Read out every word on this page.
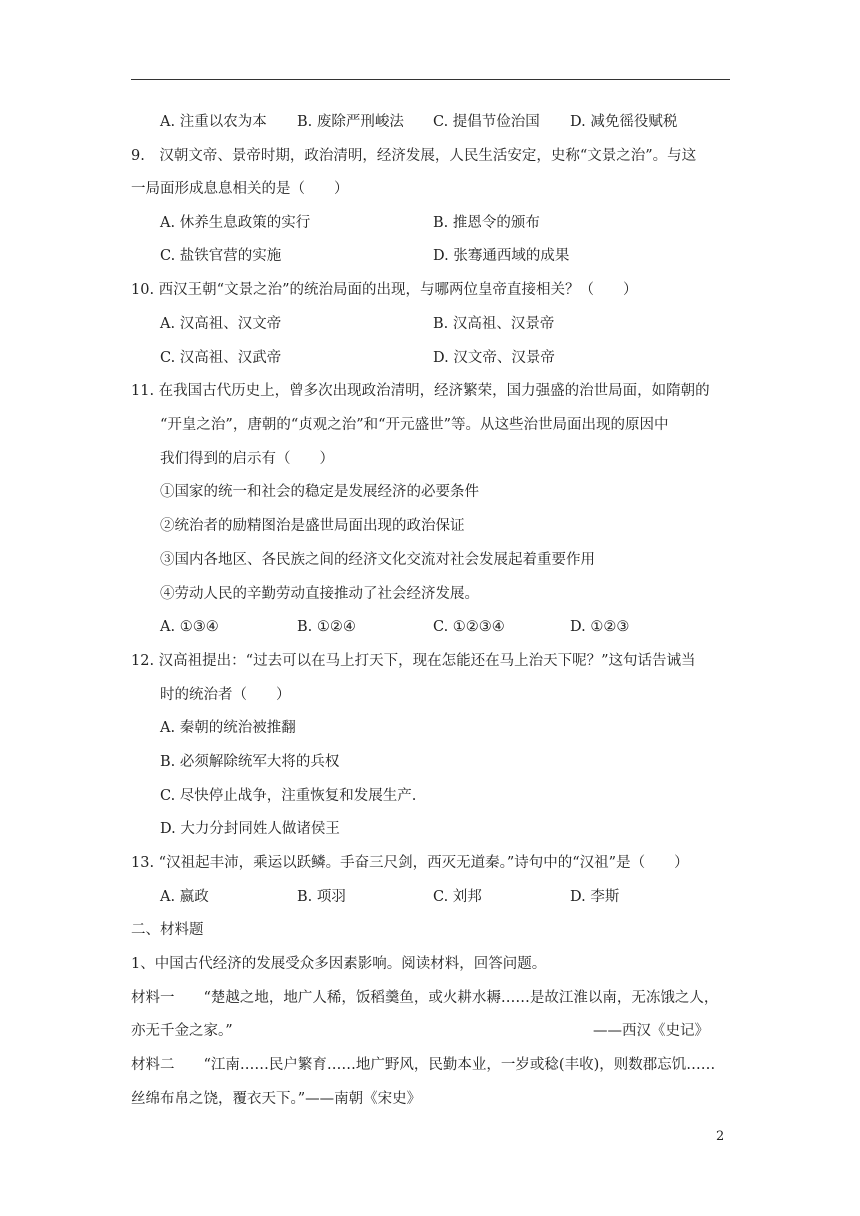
A. 注重以农为本 B. 废除严刑峻法 C. 提倡节俭治国 D. 减免徭役赋税
9.　汉朝文帝、景帝时期，政治清明，经济发展，人民生活安定，史称“文景之治”。与这
一局面形成息息相关的是（　　）
A. 休养生息政策的实行	B. 推恩令的颁布
C. 盐铁官营的实施	D. 张骞通西域的成果
10. 西汉王朝“文景之治”的统治局面的出现，与哪两位皇帝直接相关？（　　）
A. 汉高祖、汉文帝	B. 汉高祖、汉景帝
C. 汉高祖、汉武帝	D. 汉文帝、汉景帝
11. 在我国古代历史上，曾多次出现政治清明，经济繁荣，国力强盛的治世局面，如隋朝的
“开皇之治”，唐朝的“贞观之治”和“开元盛世”等。从这些治世局面出现的原因中
我们得到的启示有（　　）
①国家的统一和社会的稳定是发展经济的必要条件
②统治者的励精图治是盛世局面出现的政治保证
③国内各地区、各民族之间的经济文化交流对社会发展起着重要作用
④劳动人民的辛勤劳动直接推动了社会经济发展。
A. ①③④	B. ①②④	C. ①②③④	D. ①②③
12. 汉高祖提出：“过去可以在马上打天下，现在怎能还在马上治天下呢？”这句话告诫当
时的统治者（　　）
A. 秦朝的统治被推翻
B. 必须解除统军大将的兵权
C. 尽快停止战争，注重恢复和发展生产.
D. 大力分封同姓人做诸侯王
13. “汉祖起丰沛，乘运以跃鳞。手奋三尺剑，西灭无道秦。”诗句中的“汉祖”是（　　）
A. 嬴政	B. 项羽	C. 刘邦	D. 李斯
二、材料题
1、中国古代经济的发展受众多因素影响。阅读材料，回答问题。
材料一　　“楚越之地，地广人稀，饭稻羹鱼，或火耕水耨……是故江淮以南，无冻饿之人，
亦无千金之家。”	——西汉《史记》
材料二　　“江南……民户繁育……地广野风，民勤本业，一岁或稔(丰收)，则数郡忘饥……
丝绵布帛之饶，覆衣天下。”——南朝《宋史》
2
